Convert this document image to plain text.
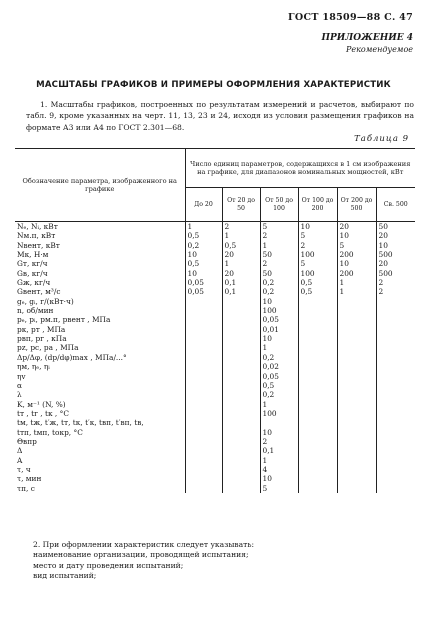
ГОСТ 18509—88 С. 47
ПРИЛОЖЕНИЕ 4
Рекомендуемое
МАСШТАБЫ ГРАФИКОВ И ПРИМЕРЫ ОФОРМЛЕНИЯ ХАРАКТЕРИСТИК
1. Масштабы графиков, построенных по результатам измерений и расчетов, выбирают по табл. 9, кроме указанных на черт. 11, 13, 23 и 24, исходя из условия размещения графиков на формате А3 или А4 по ГОСТ 2.301—68.
Таблица 9
Обозначение параметра, изображенного на графике	Число единиц параметров, содержащихся в 1 см изображения на графике, для диапазонов номинальных мощностей, кВт					
	До 20	От 20 до 50	От 50 до 100	От 100 до 200	От 200 до 500	Св. 500
Nₑ, Nᵢ, кВт	1	2	5	10	20	50
Nм.п, кВт	0,5	1	2	5	10	20
Nвент, кВт	0,2	0,5	1	2	5	10
Mк, Н·м	10	20	50	100	200	500
Gт, кг/ч	0,5	1	2	5	10	20
Gв, кг/ч	10	20	50	100	200	500
Gж, кг/ч	0,05	0,1	0,2	0,5	1	2
Gвент, м³/с	0,05	0,1	0,2	0,5	1	2
gₑ, gᵢ, г/(кВт·ч)			10			
n, об/мин			100			
pₑ, pᵢ, pм.п, pвент , МПа			0,05			
pк, pт , МПа			0,01			
pвп, pг , кПа			10			
pz, pc, pa , МПа			1			
Δp/Δφ, (dp/dφ)max , МПа/...°			0,2			
ηм, ηₑ, ηᵢ			0,02			
ηv			0,05			
α			0,5			
λ			0,2			
K, м⁻¹ (N, %)			1			
tт , tг , tк , °С			100			
tм, tж, t′ж, tт, tк, t′к, tвп, t′вп, tв,						
tтп, tмп, tокр, °С			10			
Θвпр			2			
Δ			0,1			
A			1			
τ, ч			4			
τ, мин			10			
τп, с			5			
2. При оформлении характеристик следует указывать:
наименование организации, проводящей испытания;
место и дату проведения испытаний;
вид испытаний;
